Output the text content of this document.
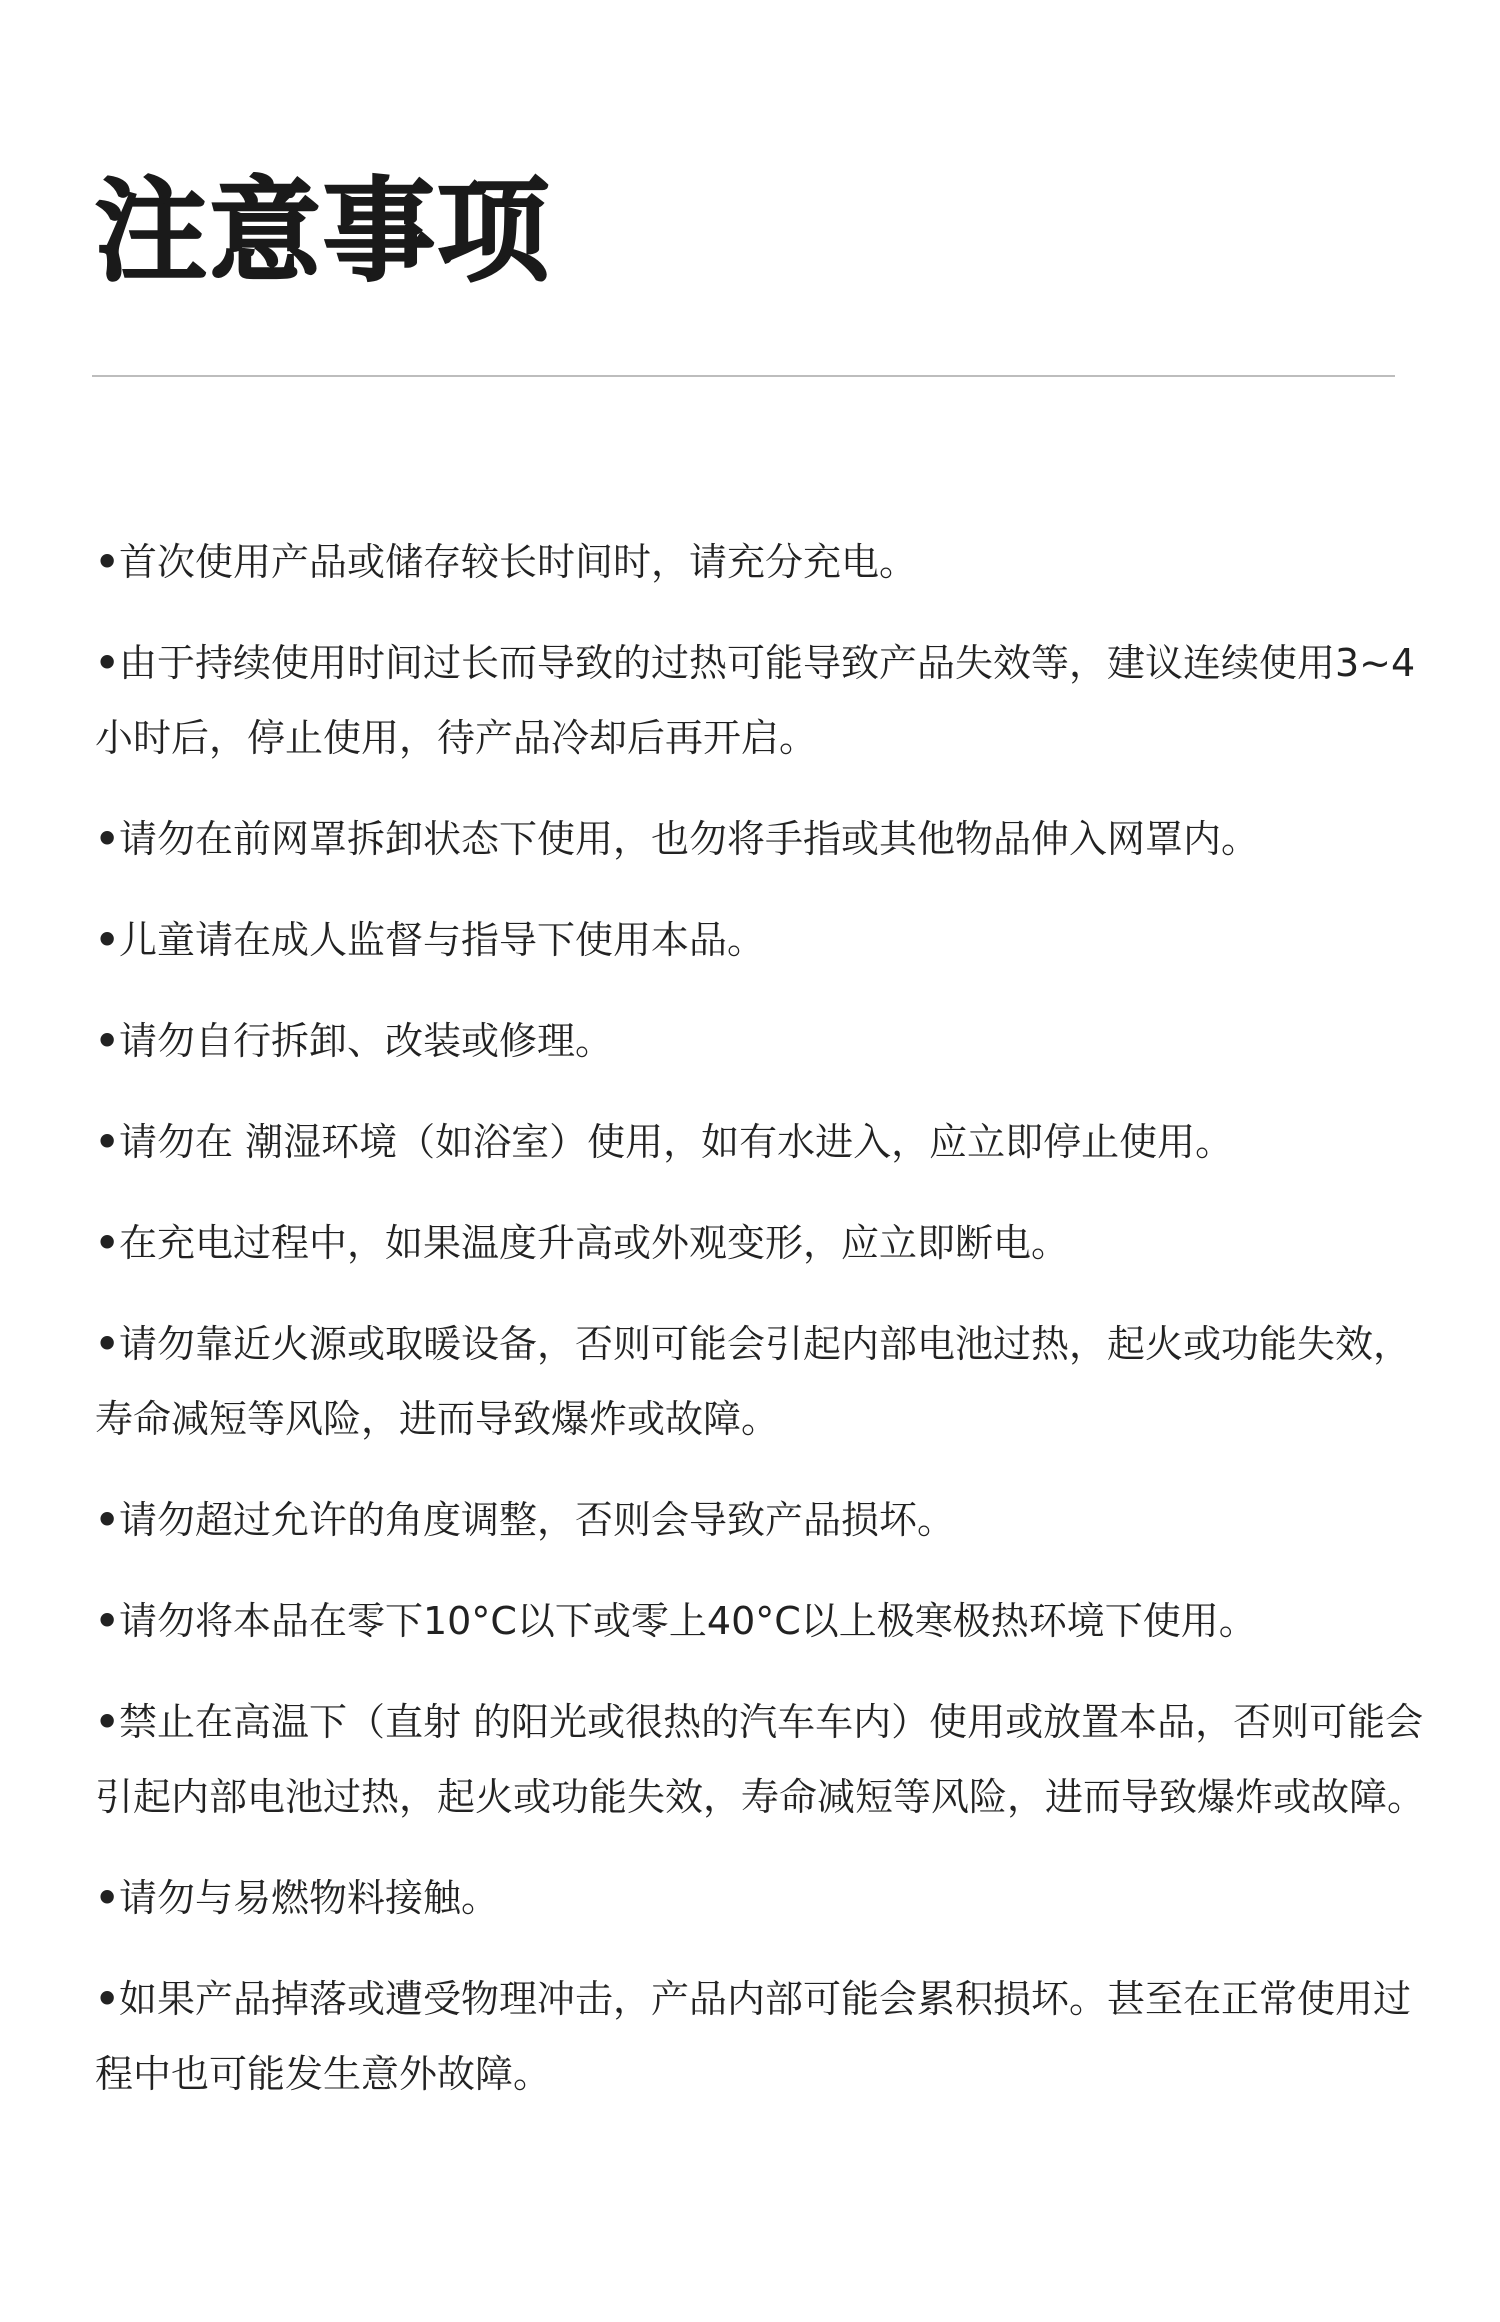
注意事项
•首次使用产品或储存较长时间时，请充分充电。
•由于持续使用时间过长而导致的过热可能导致产品失效等，建议连续使用3~4小时后，停止使用，待产品冷却后再开启。
•请勿在前网罩拆卸状态下使用，也勿将手指或其他物品伸入网罩内。
•儿童请在成人监督与指导下使用本品。
•请勿自行拆卸、改装或修理。
•请勿在 潮湿环境（如浴室）使用，如有水进入，应立即停止使用。
•在充电过程中，如果温度升高或外观变形，应立即断电。
•请勿靠近火源或取暖设备，否则可能会引起内部电池过热，起火或功能失效，寿命减短等风险，进而导致爆炸或故障。
•请勿超过允许的角度调整，否则会导致产品损坏。
•请勿将本品在零下10°C以下或零上40°C以上极寒极热环境下使用。
•禁止在高温下（直射 的阳光或很热的汽车车内）使用或放置本品，否则可能会引起内部电池过热，起火或功能失效，寿命减短等风险，进而导致爆炸或故障。
•请勿与易燃物料接触。
•如果产品掉落或遭受物理冲击，产品内部可能会累积损坏。甚至在正常使用过程中也可能发生意外故障。
